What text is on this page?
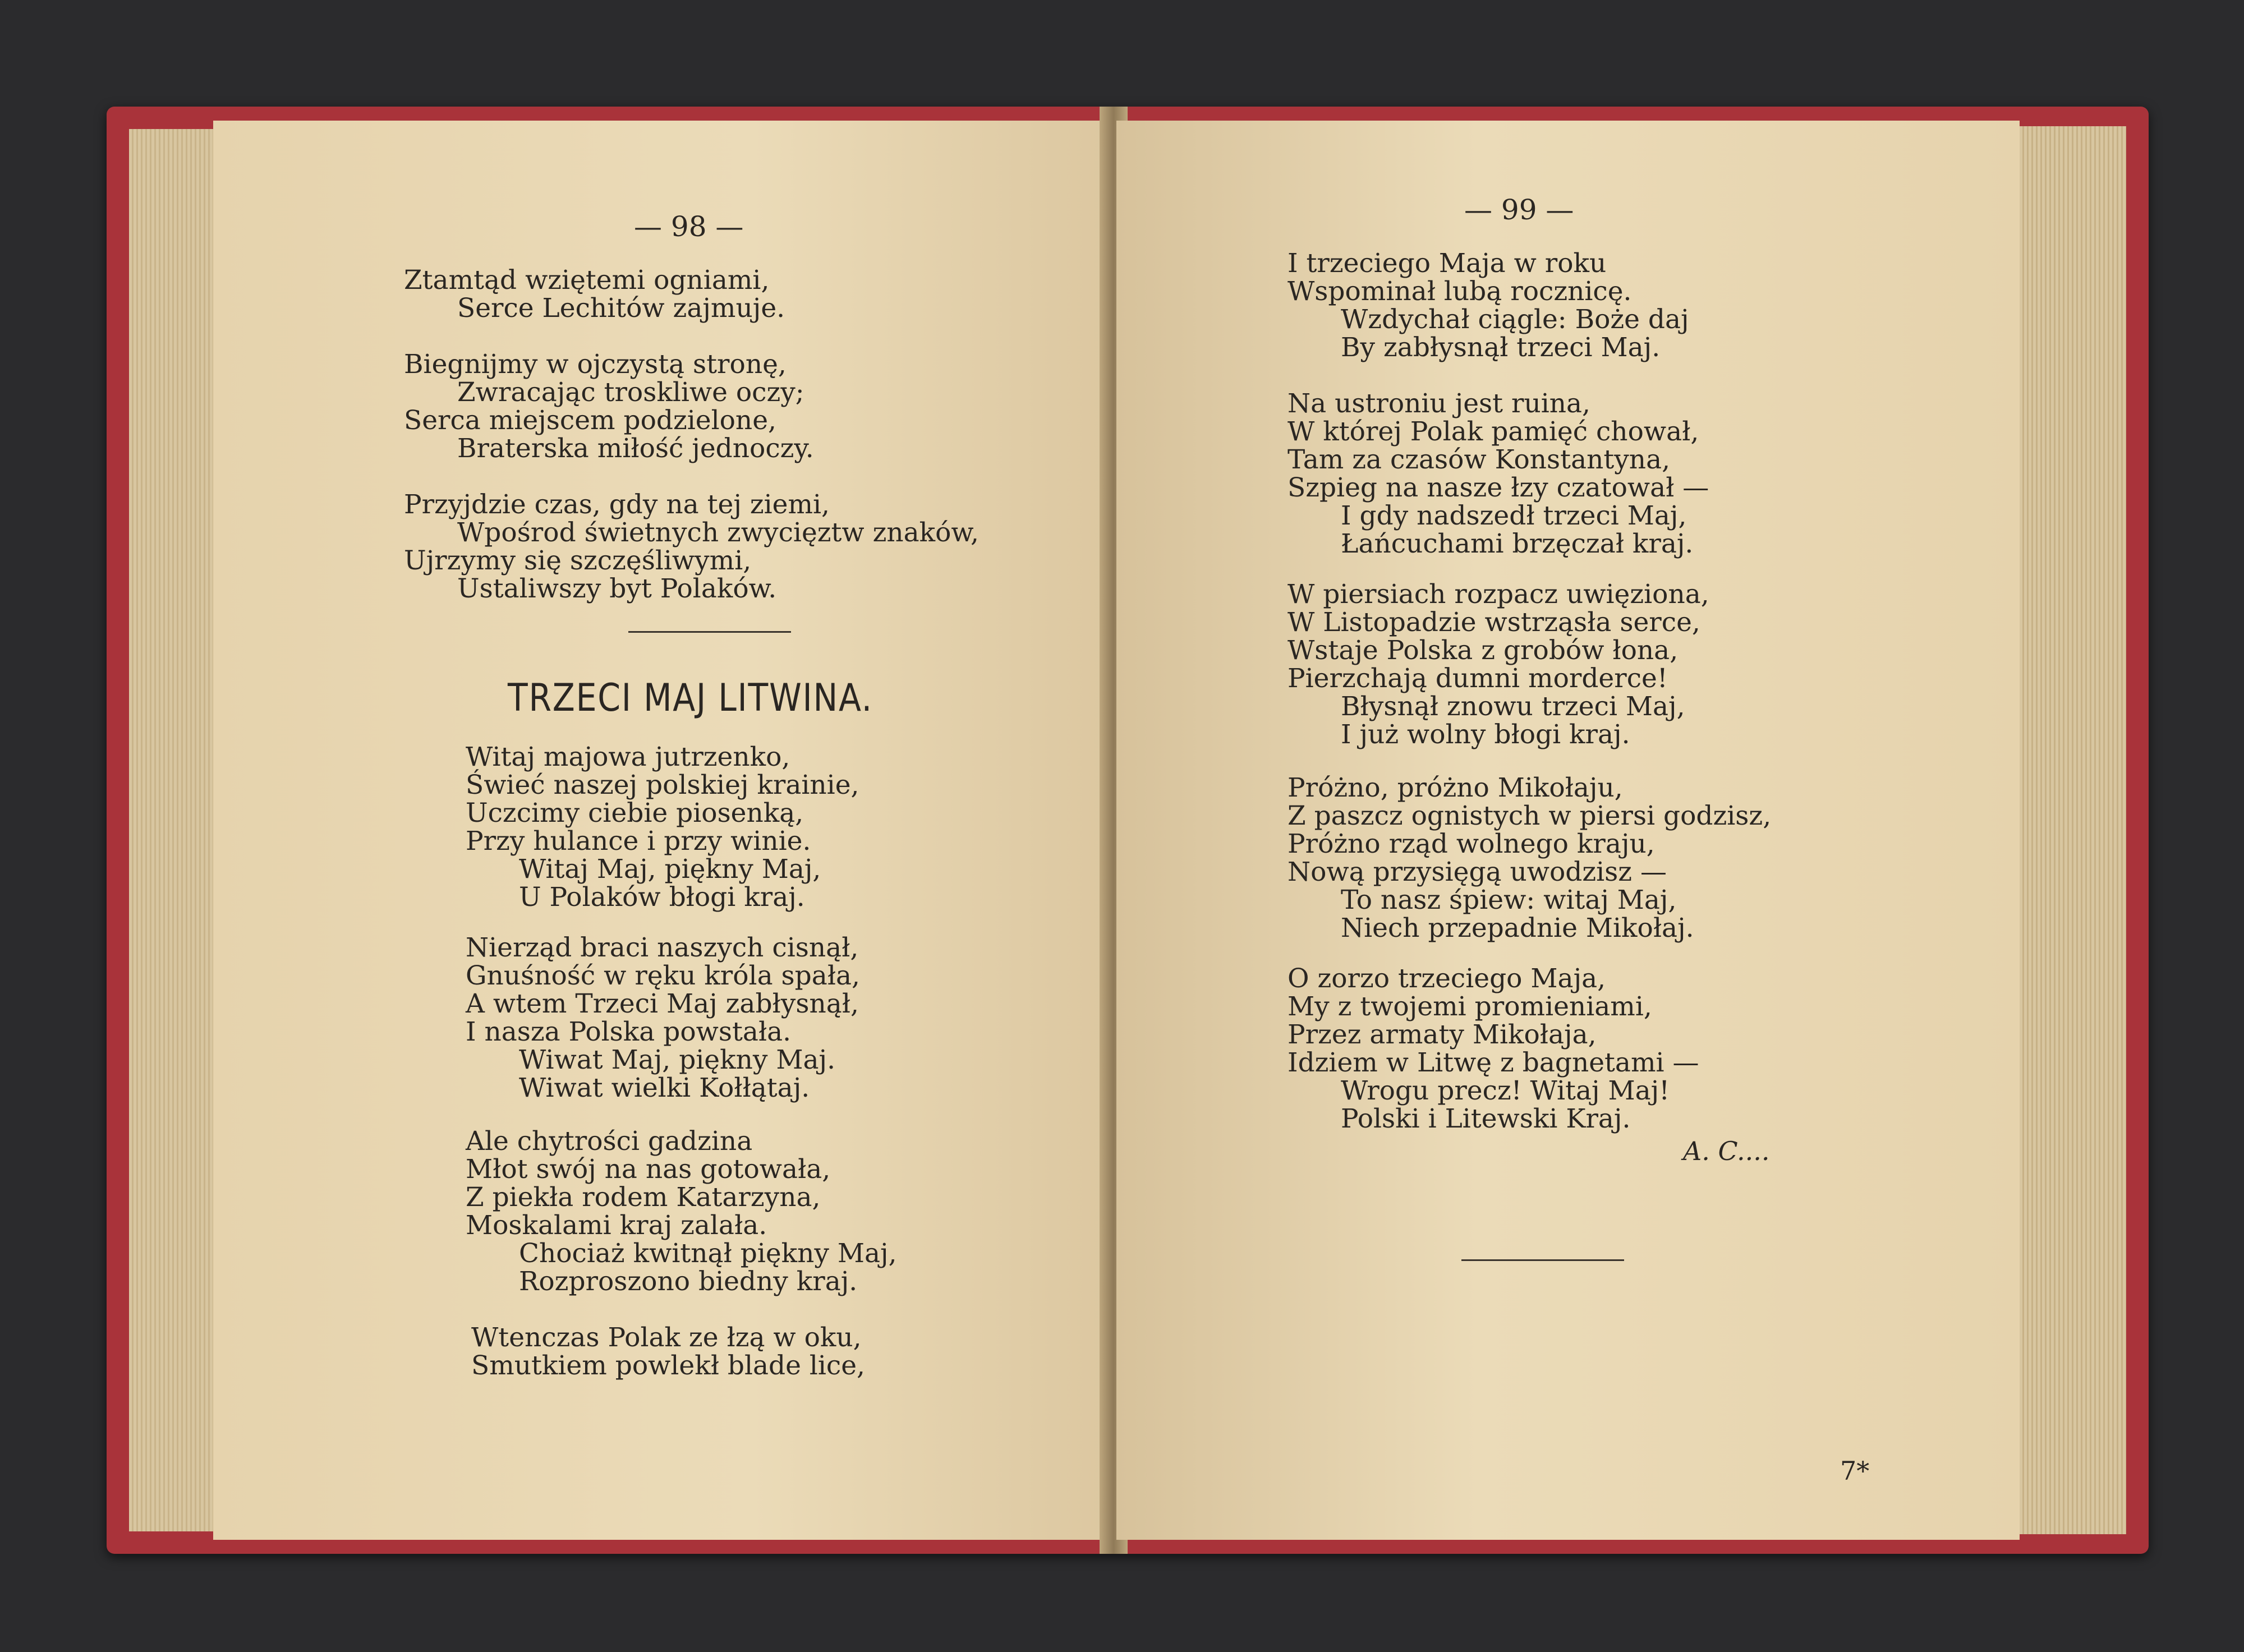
— 98 —
Ztamtąd wziętemi ogniami,
Serce Lechitów zajmuje.
Biegnijmy w ojczystą stronę,
Zwracając troskliwe oczy;
Serca miejscem podzielone,
Braterska miłość jednoczy.
Przyjdzie czas, gdy na tej ziemi,
Wpośrod świetnych zwycięztw znaków,
Ujrzymy się szczęśliwymi,
Ustaliwszy byt Polaków.
TRZECI MAJ LITWINA.
Witaj majowa jutrzenko,
Świeć naszej polskiej krainie,
Uczcimy ciebie piosenką,
Przy hulance i przy winie.
Witaj Maj, piękny Maj,
U Polaków błogi kraj.
Nierząd braci naszych cisnął,
Gnuśność w ręku króla spała,
A wtem Trzeci Maj zabłysnął,
I nasza Polska powstała.
Wiwat Maj, piękny Maj.
Wiwat wielki Kołłątaj.
Ale chytrości gadzina
Młot swój na nas gotowała,
Z piekła rodem Katarzyna,
Moskalami kraj zalała.
Chociaż kwitnął piękny Maj,
Rozproszono biedny kraj.
Wtenczas Polak ze łzą w oku,
Smutkiem powlekł blade lice,
— 99 —
I trzeciego Maja w roku
Wspominał lubą rocznicę.
Wzdychał ciągle: Boże daj
By zabłysnął trzeci Maj.
Na ustroniu jest ruina,
W której Polak pamięć chował,
Tam za czasów Konstantyna,
Szpieg na nasze łzy czatował —
I gdy nadszedł trzeci Maj,
Łańcuchami brzęczał kraj.
W piersiach rozpacz uwięziona,
W Listopadzie wstrząsła serce,
Wstaje Polska z grobów łona,
Pierzchają dumni morderce!
Błysnął znowu trzeci Maj,
I już wolny błogi kraj.
Próżno, próżno Mikołaju,
Z paszcz ognistych w piersi godzisz,
Próżno rząd wolnego kraju,
Nową przysięgą uwodzisz —
To nasz śpiew: witaj Maj,
Niech przepadnie Mikołaj.
O zorzo trzeciego Maja,
My z twojemi promieniami,
Przez armaty Mikołaja,
Idziem w Litwę z bagnetami —
Wrogu precz! Witaj Maj!
Polski i Litewski Kraj.
A. C....
7*
